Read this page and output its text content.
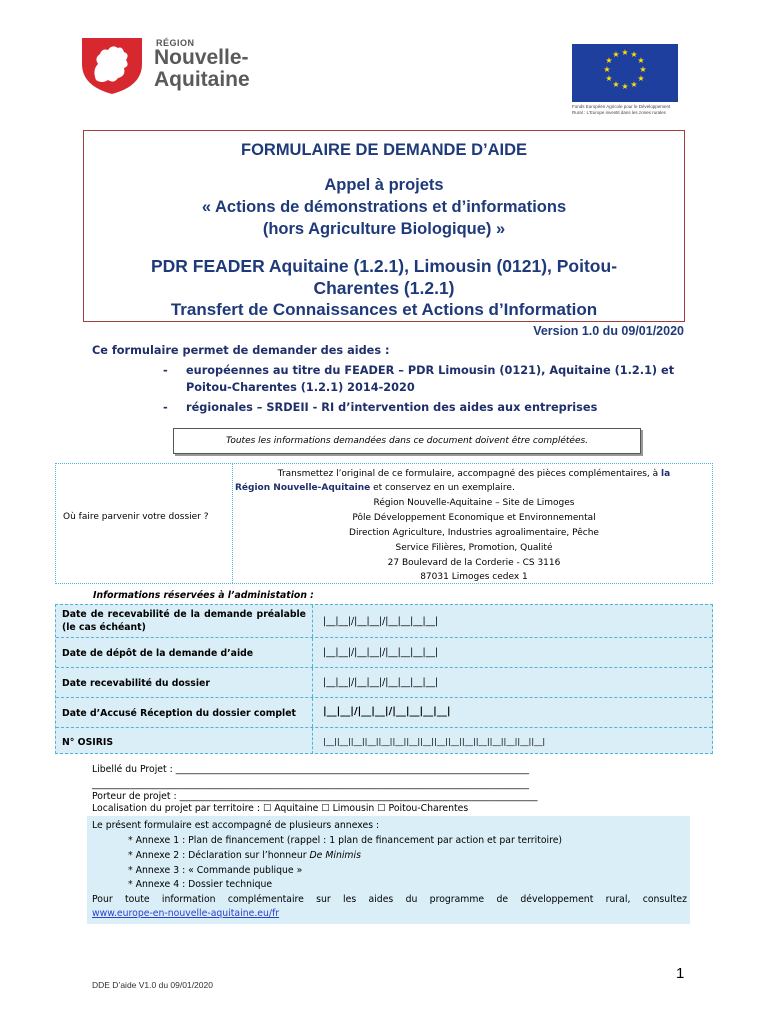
RÉGION
Nouvelle-
Aquitaine
★ ★
★
★
★
★
★
★
★
★
★
★
Fonds Européen Agricole pour le Développement Rural : L'Europe investit dans les zones rurales
FORMULAIRE DE DEMANDE D’AIDE
Appel à projets
« Actions de démonstrations et d’informations
(hors Agriculture Biologique) »
PDR FEADER Aquitaine (1.2.1), Limousin (0121), Poitou-
Charentes (1.2.1)
Transfert de Connaissances et Actions d’Information
Version 1.0 du 09/01/2020
Ce formulaire permet de demander des aides :
- européennes au titre du FEADER – PDR Limousin (0121), Aquitaine (1.2.1) et
Poitou-Charentes (1.2.1) 2014-2020
- régionales – SRDEII - RI d’intervention des aides aux entreprises
Toutes les informations demandées dans ce document doivent être complétées.
Où faire parvenir votre dossier ?
Transmettez l’original de ce formulaire, accompagné des pièces complémentaires, à la
Région Nouvelle-Aquitaine et conservez en un exemplaire.
Région Nouvelle-Aquitaine – Site de Limoges
Pôle Développement Economique et Environnemental
Direction Agriculture, Industries agroalimentaire, Pêche
Service Filières, Promotion, Qualité
27 Boulevard de la Corderie - CS 3116
87031 Limoges cedex 1
Informations réservées à l’administation :
Date de recevabilité de la demande préalable (le cas échéant)
|__|__|/|__|__|/|__|__|__|__|
Date de dépôt de la demande d’aide	|__|__|/|__|__|/|__|__|__|__|
Date recevabilité du dossier	|__|__|/|__|__|/|__|__|__|__|
Date d’Accusé Réception du dossier complet	|__|__|/|__|__|/|__|__|__|__|
N° OSIRIS	|__||__||__||__||__||__||__||__||__||__||__||__||__||__||__||__|
Libellé du Projet : ____________________________________________________________________________
______________________________________________________________________________________________
Porteur de projet : _____________________________________________________________________________
Localisation du projet par territoire : ☐ Aquitaine ☐ Limousin ☐ Poitou-Charentes
Le présent formulaire est accompagné de plusieurs annexes :
* Annexe 1 : Plan de financement (rappel : 1 plan de financement par action et par territoire)
* Annexe 2 : Déclaration sur l’honneur De Minimis
* Annexe 3 : « Commande publique »
* Annexe 4 : Dossier technique
Pour toute information complémentaire sur les aides du programme de développement rural, consultez
www.europe-en-nouvelle-aquitaine.eu/fr
1
DDE D’aide V1.0 du 09/01/2020
